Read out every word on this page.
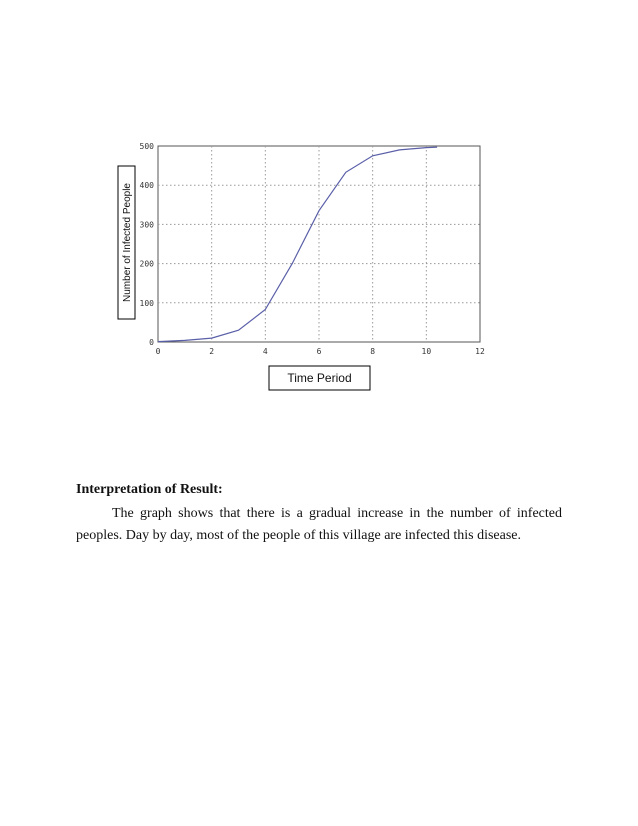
0	2	4	6	8	10	12
0
100
200
300
400
500
Number of Infected People
Time Period

Interpretation of Result:

The graph shows that there is a gradual increase in the number of infected peoples. Day by day, most of the people of this village are infected this disease.
